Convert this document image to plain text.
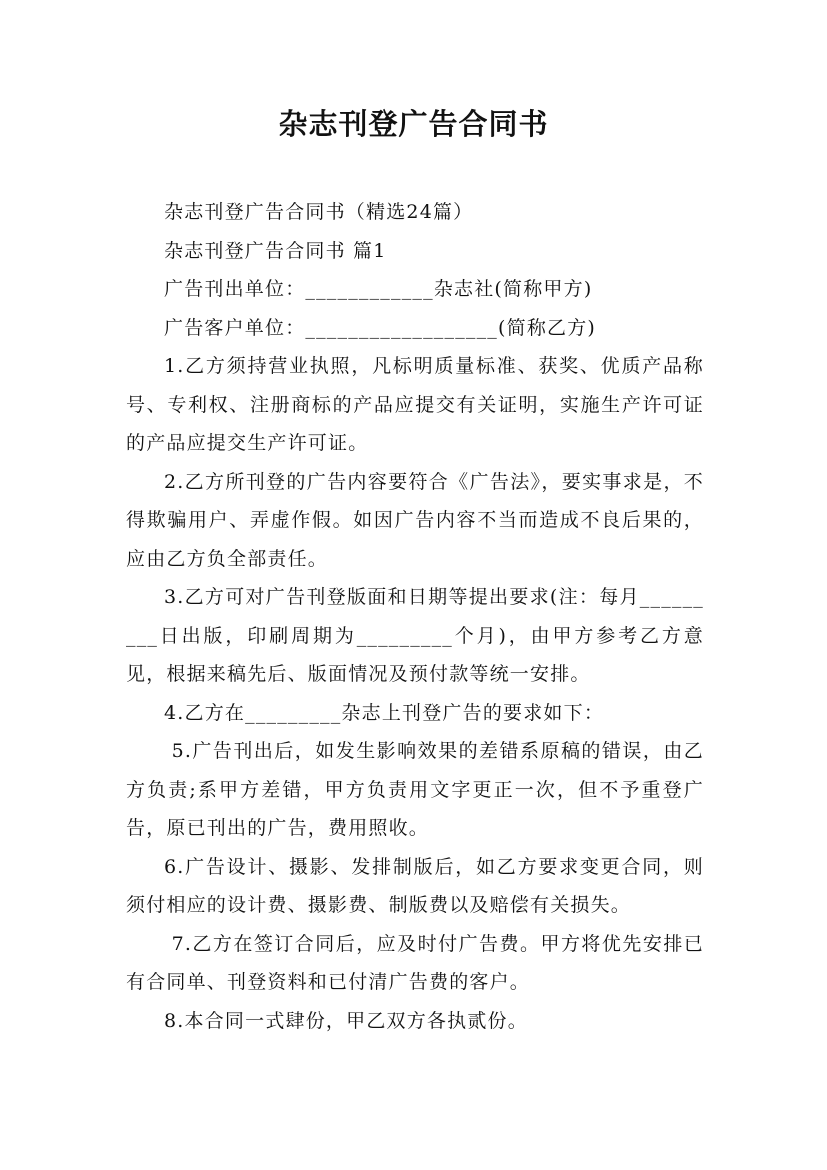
杂志刊登广告合同书

杂志刊登广告合同书（精选24篇）

杂志刊登广告合同书 篇1

广告刊出单位：____________杂志社(简称甲方)

广告客户单位：__________________(简称乙方)

1.乙方须持营业执照，凡标明质量标准、获奖、优质产品称号、专利权、注册商标的产品应提交有关证明，实施生产许可证的产品应提交生产许可证。

2.乙方所刊登的广告内容要符合《广告法》，要实事求是，不得欺骗用户、弄虚作假。如因广告内容不当而造成不良后果的，应由乙方负全部责任。

3.乙方可对广告刊登版面和日期等提出要求(注：每月_________日出版，印刷周期为_________个月)，由甲方参考乙方意见，根据来稿先后、版面情况及预付款等统一安排。

4.乙方在_________杂志上刊登广告的要求如下：

5.广告刊出后，如发生影响效果的差错系原稿的错误，由乙方负责;系甲方差错，甲方负责用文字更正一次，但不予重登广告，原已刊出的广告，费用照收。

6.广告设计、摄影、发排制版后，如乙方要求变更合同，则须付相应的设计费、摄影费、制版费以及赔偿有关损失。

7.乙方在签订合同后，应及时付广告费。甲方将优先安排已有合同单、刊登资料和已付清广告费的客户。

8.本合同一式肆份，甲乙双方各执贰份。
